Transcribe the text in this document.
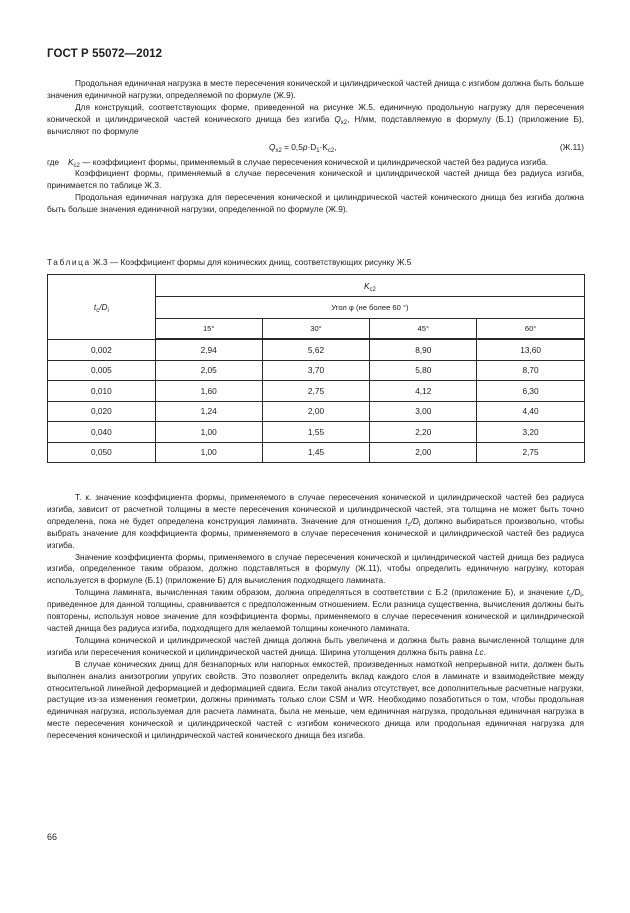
ГОСТ Р 55072—2012

Продольная единичная нагрузка в месте пересечения конической и цилиндрической частей днища с изгибом должна быть больше значения единичной нагрузки, определяемой по формуле (Ж.9).

Для конструкций, соответствующих форме, приведенной на рисунке Ж.5, единичную продольную нагрузку для пересечения конической и цилиндрической частей конического днища без изгиба $Q_{x2}$, Н/мм, подставляемую в формулу (Б.1) (приложение Б), вычисляют по формуле

$Q_{x2} = 0,5p\cdot D_1\cdot K_{c2}$,	(Ж.11)
где	$K_{c2}$ — коэффициент формы, применяемый в случае пересечения конической и цилиндрической частей без радиуса изгиба.

Коэффициент формы, применяемый в случае пересечения конической и цилиндрической частей днища без радиуса изгиба, принимается по таблице Ж.3.

Продольная единичная нагрузка для пересечения конической и цилиндрической частей конического днища без изгиба должна быть больше значения единичной нагрузки, определенной по формуле (Ж.9).

Таблица Ж.3 — Коэффициент формы для конических днищ, соответствующих рисунку Ж.5
$t_c/D_i$	$K_{c2}$
	Угол φ (не более 60 °)			
	15°	30°	45°	60°
0,002	2,94	5,62	8,90	13,60
0,005	2,05	3,70	5,80	8,70
0,010	1,60	2,75	4,12	6,30
0,020	1,24	2,00	3,00	4,40
0,040	1,00	1,55	2,20	3,20
0,050	1,00	1,45	2,00	2,75

Т. к. значение коэффициента формы, применяемого в случае пересечения конической и цилиндрической частей без радиуса изгиба, зависит от расчетной толщины в месте пересечения конической и цилиндрической частей, эта толщина не может быть точно определена, пока не будет определена конструкция ламината. Значение для отношения $t_c/D_i$ должно выбираться произвольно, чтобы выбрать значение для коэффициента формы, применяемого в случае пересечения конической и цилиндрической частей без радиуса изгиба.

Значение коэффициента формы, применяемого в случае пересечения конической и цилиндрической частей днища без радиуса изгиба, определенное таким образом, должно подставляться в формулу (Ж.11), чтобы определить единичную нагрузку, которая используется в формуле (Б.1) (приложение Б) для вычисления подходящего ламината.

Толщина ламината, вычисленная таким образом, должна определяться в соответствии с Б.2 (приложение Б), и значение $t_c/D_i$, приведенное для данной толщины, сравнивается с предположенным отношением. Если разница существенна, вычисления должны быть повторены, используя новое значение для коэффициента формы, применяемого в случае пересечения конической и цилиндрической частей днища без радиуса изгиба, подходящего для желаемой толщины конечного ламината.

Толщина конической и цилиндрической частей днища должна быть увеличена и должна быть равна вычисленной толщине для изгиба или пересечения конической и цилиндрической частей днища. Ширина утолщения должна быть равна Lc.

В случае конических днищ для безнапорных или напорных емкостей, произведенных намоткой непрерывной нити, должен быть выполнен анализ анизотропии упругих свойств. Это позволяет определить вклад каждого слоя в ламинате и взаимодействие между относительной линейной деформацией и деформацией сдвига. Если такой анализ отсутствует, все дополнительные расчетные нагрузки, растущие из-за изменения геометрии, должны принимать только слои CSM и WR. Необходимо позаботиться о том, чтобы продольная единичная нагрузка, используемая для расчета ламината, была не меньше, чем единичная нагрузка, продольная единичная нагрузка в месте пересечения конической и цилиндрической частей с изгибом конического днища или продольная единичная нагрузка для пересечения конической и цилиндрической частей конического днища без изгиба.

66
